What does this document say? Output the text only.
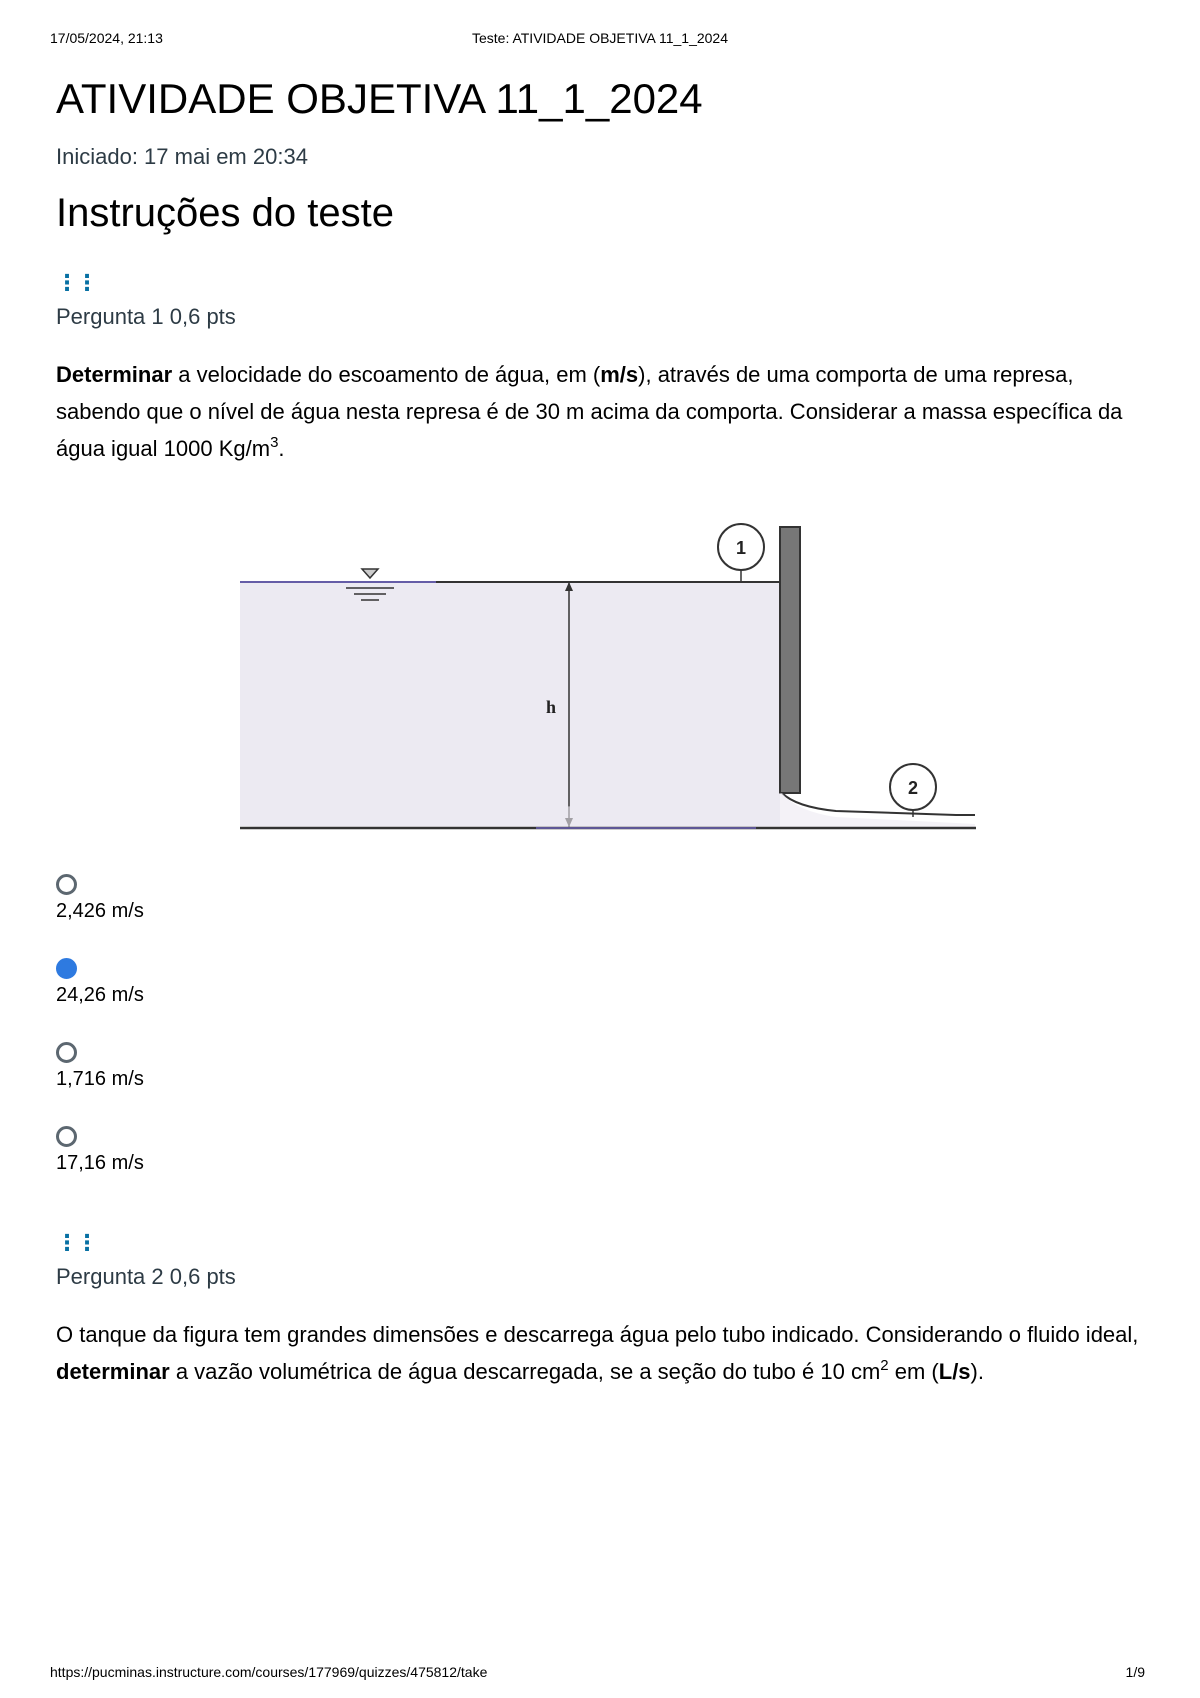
17/05/2024, 21:13	Teste: ATIVIDADE OBJETIVA 11_1_2024
ATIVIDADE OBJETIVA 11_1_2024
Iniciado: 17 mai em 20:34
Instruções do teste
⋮⋮
Pergunta 1 0,6 pts
Determinar a velocidade do escoamento de água, em (m/s), através de uma comporta de uma represa, sabendo que o nível de água nesta represa é de 30 m acima da comporta. Considerar a massa específica da água igual 1000 $Kg/m^3$.
h
1
2
2,426 m/s
24,26 m/s
1,716 m/s
17,16 m/s
⋮⋮
Pergunta 2 0,6 pts
O tanque da figura tem grandes dimensões e descarrega água pelo tubo indicado. Considerando o fluido ideal, determinar a vazão volumétrica de água descarregada, se a seção do tubo é 10 $cm^2$ em (L/s).
https://pucminas.instructure.com/courses/177969/quizzes/475812/take	1/9
